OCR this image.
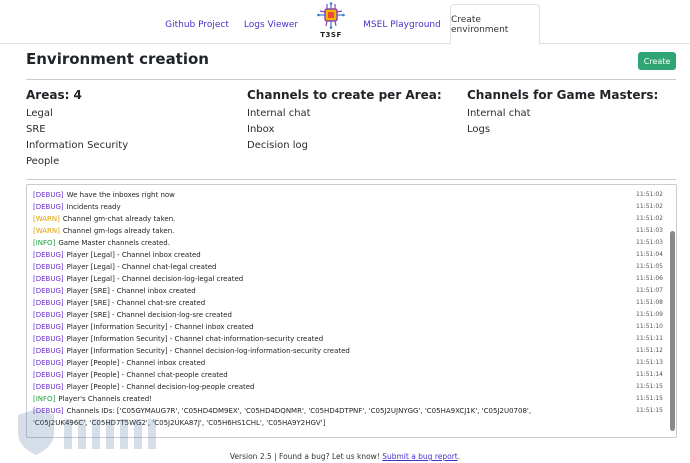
Github Project	Logs Viewer
T3SF
MSEL Playground
Create environment
Environment creation	Create
Areas: 4
Legal
SRE
Information Security
People
Channels to create per Area:
Internal chat
Inbox
Decision log
Channels for Game Masters:
Internal chat
Logs
[DEBUG] We have the inboxes right now	11:51:02
[DEBUG] Incidents ready	11:51:02
[WARN] Channel gm-chat already taken.	11:51:02
[WARN] Channel gm-logs already taken.	11:51:03
[INFO] Game Master channels created.	11:51:03
[DEBUG] Player [Legal] - Channel inbox created	11:51:04
[DEBUG] Player [Legal] - Channel chat-legal created	11:51:05
[DEBUG] Player [Legal] - Channel decision-log-legal created	11:51:06
[DEBUG] Player [SRE] - Channel inbox created	11:51:07
[DEBUG] Player [SRE] - Channel chat-sre created	11:51:08
[DEBUG] Player [SRE] - Channel decision-log-sre created	11:51:09
[DEBUG] Player [Information Security] - Channel inbox created	11:51:10
[DEBUG] Player [Information Security] - Channel chat-information-security created	11:51:11
[DEBUG] Player [Information Security] - Channel decision-log-information-security created	11:51:12
[DEBUG] Player [People] - Channel inbox created	11:51:13
[DEBUG] Player [People] - Channel chat-people created	11:51:14
[DEBUG] Player [People] - Channel decision-log-people created	11:51:15
[INFO] Player's Channels created!	11:51:15
[DEBUG] Channels IDs: ['C05GYMAUG7R', 'C05HD4DM9EX', 'C05HD4DQNMR', 'C05HD4DTPNF', 'C05J2UJNYGG', 'C05HA9XCJ1K', 'C05J2U0708',	11:51:15
'C05J2UK496C', 'C05HD7T5WG2', 'C05J2UKA87J', 'C05H6HS1CHL', 'C05HA9Y2HGV']
Version 2.5 | Found a bug? Let us know! Submit a bug report.
